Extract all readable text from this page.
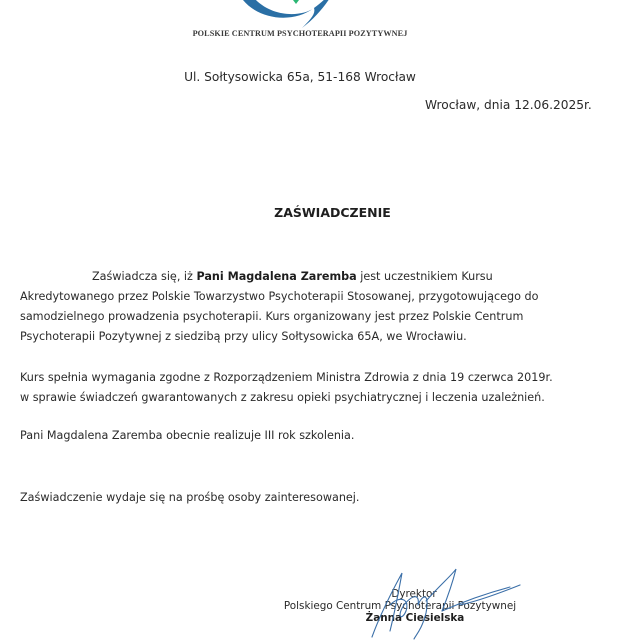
POLSKIE CENTRUM PSYCHOTERAPII POZYTYWNEJ
Ul. Sołtysowicka 65a, 51-168 Wrocław
Wrocław, dnia 12.06.2025r.
ZAŚWIADCZENIE
Zaświadcza się, iż Pani Magdalena Zaremba jest uczestnikiem Kursu
Akredytowanego przez Polskie Towarzystwo Psychoterapii Stosowanej, przygotowującego do
samodzielnego prowadzenia psychoterapii. Kurs organizowany jest przez Polskie Centrum
Psychoterapii Pozytywnej z siedzibą przy ulicy Sołtysowicka 65A, we Wrocławiu.
Kurs spełnia wymagania zgodne z Rozporządzeniem Ministra Zdrowia z dnia 19 czerwca 2019r.
w sprawie świadczeń gwarantowanych z zakresu opieki psychiatrycznej i leczenia uzależnień.
Pani Magdalena Zaremba obecnie realizuje III rok szkolenia.
Zaświadczenie wydaje się na prośbę osoby zainteresowanej.
Dyrektor
Polskiego Centrum Psychoterapii Pozytywnej
Żanna Ciesielska
